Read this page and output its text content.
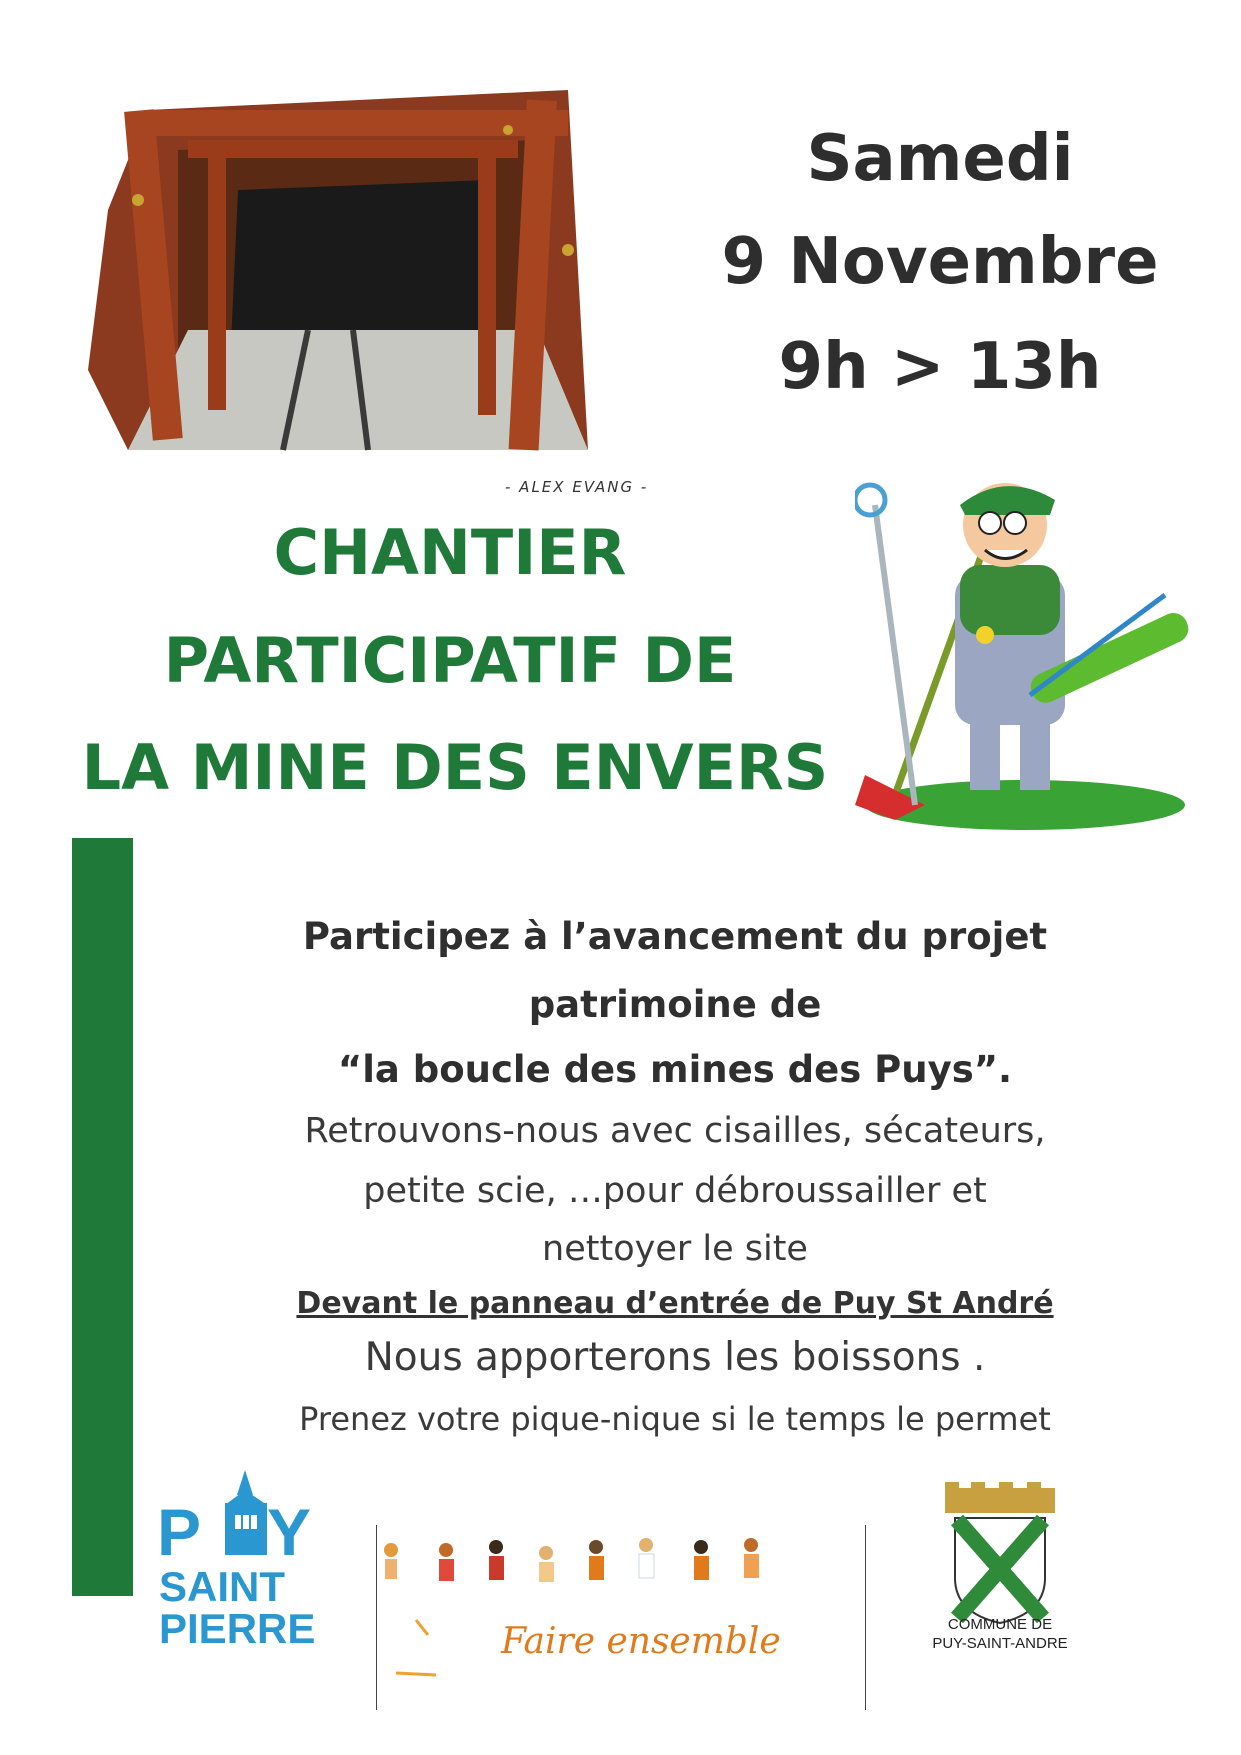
- ALEX EVANG -
Samedi
9 Novembre
9h > 13h
CHANTIER
PARTICIPATIF DE
LA MINE DES ENVERS
Participez à l’avancement du projet
patrimoine de
“la boucle des mines des Puys”.
Retrouvons-nous avec cisailles, sécateurs,
petite scie, …pour débroussailler et
nettoyer le site
Devant le panneau d’entrée de Puy St André
Nous apporterons les boissons .
Prenez votre pique-nique si le temps le permet
P Y
SAINT
PIERRE	Faire ensemble	COMMUNE DE
PUY-SAINT-ANDRE
